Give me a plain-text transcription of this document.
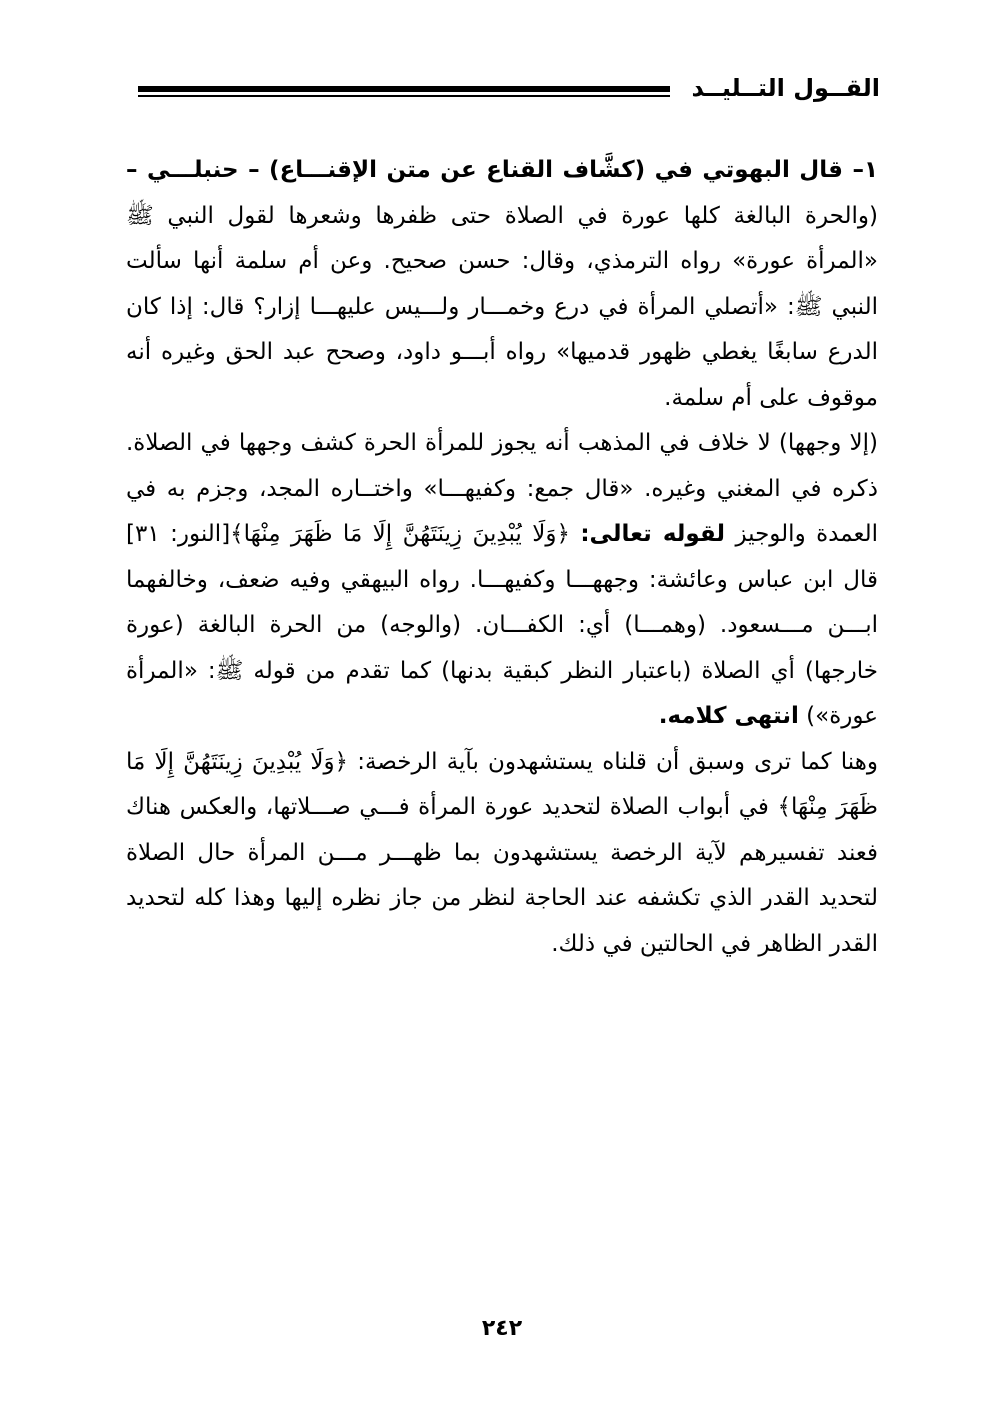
القــول التــليــد

١– قال البهوتي في (كشَّاف القناع عن متن الإقنـــاع) – حنبلـــي – (والحرة البالغة كلها عورة في الصلاة حتى ظفرها وشعرها لقول النبي ﷺ «المرأة عورة» رواه الترمذي، وقال: حسن صحيح. وعن أم سلمة أنها سألت النبي ﷺ: «أتصلي المرأة في درع وخمـــار ولـــيس عليهـــا إزار؟ قال: إذا كان الدرع سابغًا يغطي ظهور قدميها» رواه أبـــو داود، وصحح عبد الحق وغيره أنه موقوف على أم سلمة.

(إلا وجهها) لا خلاف في المذهب أنه يجوز للمرأة الحرة كشف وجهها في الصلاة. ذكره في المغني وغيره. «قال جمع: وكفيهـــا» واختــاره المجد، وجزم به في العمدة والوجيز لقوله تعالى: ﴿وَلَا يُبْدِينَ زِينَتَهُنَّ إِلَا مَا ظَهَرَ مِنْهَا﴾[النور: ٣١] قال ابن عباس وعائشة: وجههـــا وكفيهـــا. رواه البيهقي وفيه ضعف، وخالفهما ابـــن مـــسعود. (وهمـــا) أي: الكفـــان. (والوجه) من الحرة البالغة (عورة خارجها) أي الصلاة (باعتبار النظر كبقية بدنها) كما تقدم من قوله ﷺ: «المرأة عورة») انتهى كلامه.

وهنا كما ترى وسبق أن قلناه يستشهدون بآية الرخصة: ﴿وَلَا يُبْدِينَ زِينَتَهُنَّ إِلَا مَا ظَهَرَ مِنْهَا﴾ في أبواب الصلاة لتحديد عورة المرأة فـــي صـــلاتها، والعكس هناك فعند تفسيرهم لآية الرخصة يستشهدون بما ظهـــر مـــن المرأة حال الصلاة لتحديد القدر الذي تكشفه عند الحاجة لنظر من جاز نظره إليها وهذا كله لتحديد القدر الظاهر في الحالتين في ذلك.

٢٤٢
